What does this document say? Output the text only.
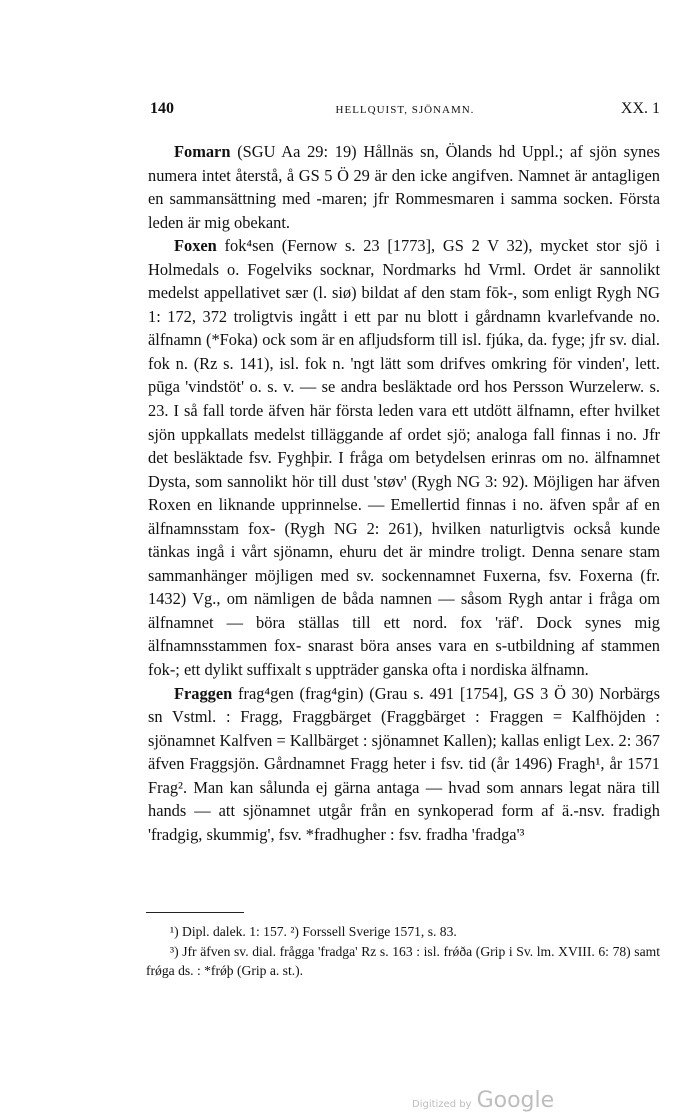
140	HELLQUIST, SJÖNAMN.	XX. 1

Fomarn (SGU Aa 29: 19) Hållnäs sn, Ölands hd Uppl.; af sjön synes numera intet återstå, å GS 5 Ö 29 är den icke angifven. Namnet är antagligen en sammansättning med -maren; jfr Rommesmaren i samma socken. Första leden är mig obekant.

Foxen fok⁴sen (Fernow s. 23 [1773], GS 2 V 32), mycket stor sjö i Holmedals o. Fogelviks socknar, Nordmarks hd Vrml. Ordet är sannolikt medelst appellativet sær (l. siø) bildat af den stam fōk-, som enligt Rygh NG 1: 172, 372 troligtvis ingått i ett par nu blott i gårdnamn kvarlefvande no. älfnamn (*Foka) ock som är en afljudsform till isl. fjúka, da. fyge; jfr sv. dial. fok n. (Rz s. 141), isl. fok n. 'ngt lätt som drifves omkring för vinden', lett. pūga 'vindstöt' o. s. v. — se andra besläktade ord hos Persson Wurzelerw. s. 23. I så fall torde äfven här första leden vara ett utdött älfnamn, efter hvilket sjön uppkallats medelst tilläggande af ordet sjö; analoga fall finnas i no. Jfr det besläktade fsv. Fyghþir. I fråga om betydelsen erinras om no. älfnamnet Dysta, som sannolikt hör till dust 'støv' (Rygh NG 3: 92). Möjligen har äfven Roxen en liknande upprinnelse. — Emellertid finnas i no. äfven spår af en älfnamnsstam fox- (Rygh NG 2: 261), hvilken naturligtvis också kunde tänkas ingå i vårt sjönamn, ehuru det är mindre troligt. Denna senare stam sammanhänger möjligen med sv. sockennamnet Fuxerna, fsv. Foxerna (fr. 1432) Vg., om nämligen de båda namnen — såsom Rygh antar i fråga om älfnamnet — böra ställas till ett nord. fox 'räf'. Dock synes mig älfnamnsstammen fox- snarast böra anses vara en s-utbildning af stammen fok-; ett dylikt suffixalt s uppträder ganska ofta i nordiska älfnamn.

Fraggen frag⁴gen (frag⁴gin) (Grau s. 491 [1754], GS 3 Ö 30) Norbärgs sn Vstml. : Fragg, Fraggbärget (Fraggbärget : Fraggen = Kalfhöjden : sjönamnet Kalfven = Kallbärget : sjönamnet Kallen); kallas enligt Lex. 2: 367 äfven Fraggsjön. Gårdnamnet Fragg heter i fsv. tid (år 1496) Fragh¹, år 1571 Frag². Man kan sålunda ej gärna antaga — hvad som annars legat nära till hands — att sjönamnet utgår från en synkoperad form af ä.-nsv. fradigh 'fradgig, skummig', fsv. *fradhugher : fsv. fradha 'fradga'³

¹) Dipl. dalek. 1: 157. ²) Forssell Sverige 1571, s. 83.

³) Jfr äfven sv. dial. frågga 'fradga' Rz s. 163 : isl. frǿða (Grip i Sv. lm. XVIII. 6: 78) samt frǿga ds. : *frǿþ (Grip a. st.).

Digitized by Google
